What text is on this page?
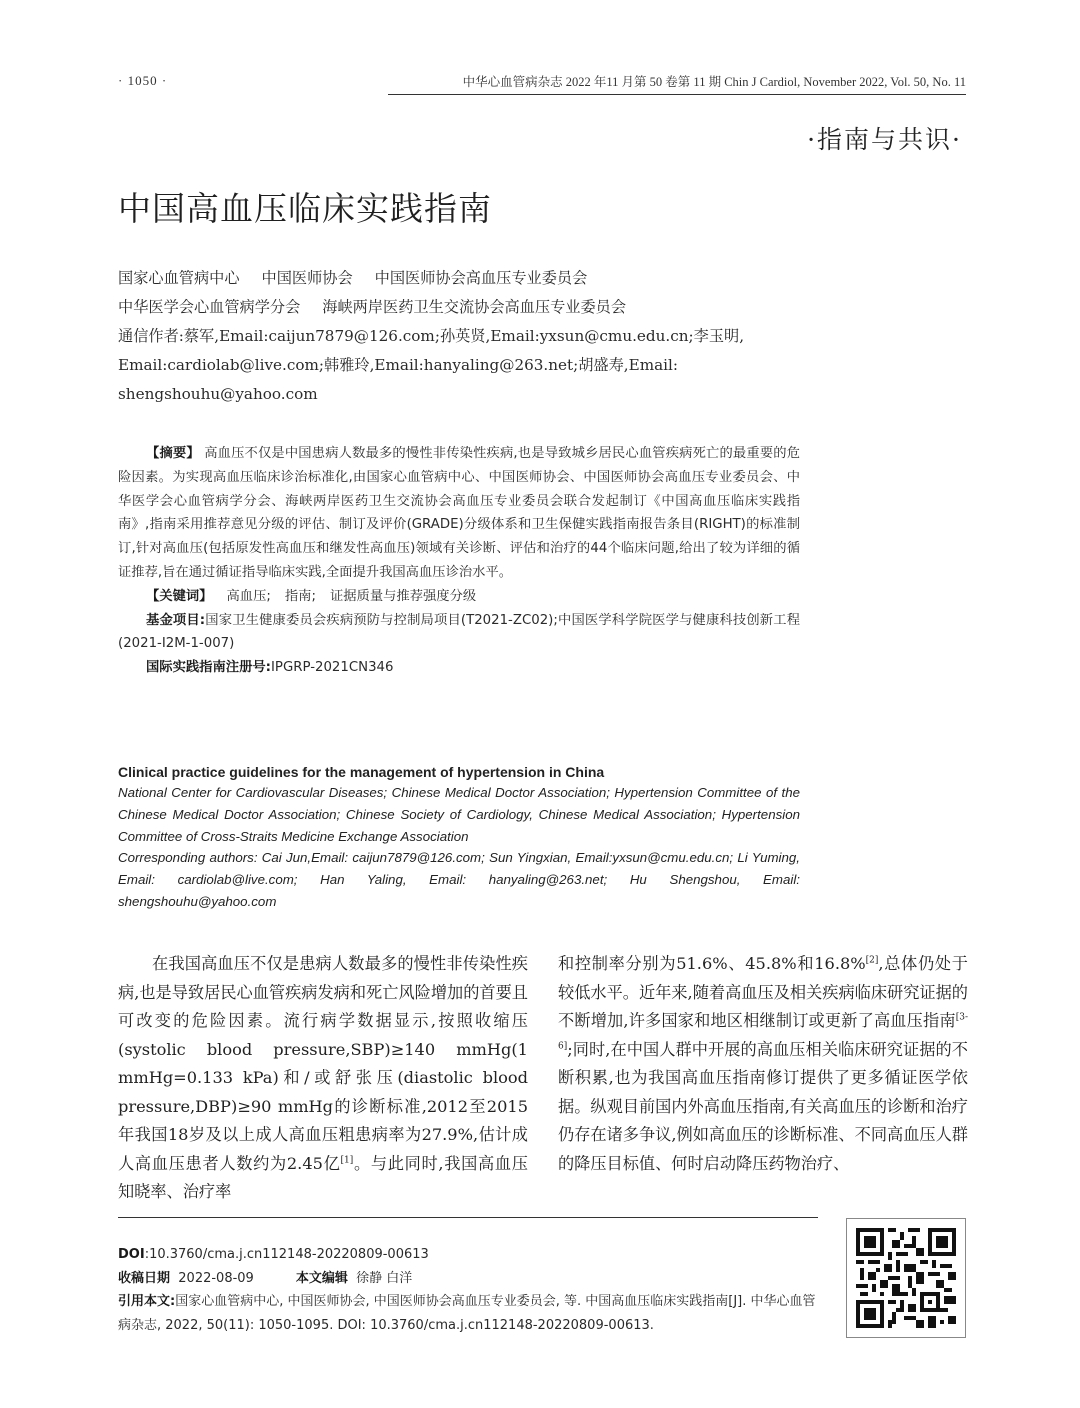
· 1050 ·	中华心血管病杂志 2022 年11 月第 50 卷第 11 期 Chin J Cardiol, November 2022, Vol. 50, No. 11
·指南与共识·
中国高血压临床实践指南
国家心血管病中心 中国医师协会 中国医师协会高血压专业委员会
中华医学会心血管病学分会 海峡两岸医药卫生交流协会高血压专业委员会
通信作者:蔡军,Email:caijun7879@126.com;孙英贤,Email:yxsun@cmu.edu.cn;李玉明,
Email:cardiolab@live.com;韩雅玲,Email:hanyaling@263.net;胡盛寿,Email:
shengshouhu@yahoo.com

【摘要】 高血压不仅是中国患病人数最多的慢性非传染性疾病,也是导致城乡居民心血管疾病死亡的最重要的危险因素。为实现高血压临床诊治标准化,由国家心血管病中心、中国医师协会、中国医师协会高血压专业委员会、中华医学会心血管病学分会、海峡两岸医药卫生交流协会高血压专业委员会联合发起制订《中国高血压临床实践指南》,指南采用推荐意见分级的评估、制订及评价(GRADE)分级体系和卫生保健实践指南报告条目(RIGHT)的标准制订,针对高血压(包括原发性高血压和继发性高血压)领域有关诊断、评估和治疗的44个临床问题,给出了较为详细的循证推荐,旨在通过循证指导临床实践,全面提升我国高血压诊治水平。

【关键词】 高血压; 指南; 证据质量与推荐强度分级

基金项目:国家卫生健康委员会疾病预防与控制局项目(T2021-ZC02);中国医学科学院医学与健康科技创新工程(2021-I2M-1-007)

国际实践指南注册号:IPGRP-2021CN346

Clinical practice guidelines for the management of hypertension in China
National Center for Cardiovascular Diseases; Chinese Medical Doctor Association; Hypertension Committee of the Chinese Medical Doctor Association; Chinese Society of Cardiology, Chinese Medical Association; Hypertension Committee of Cross-Straits Medicine Exchange Association
Corresponding authors: Cai Jun,Email: caijun7879@126.com; Sun Yingxian, Email:yxsun@cmu.edu.cn; Li Yuming, Email: cardiolab@live.com; Han Yaling, Email: hanyaling@263.net; Hu Shengshou, Email: shengshouhu@yahoo.com
在我国高血压不仅是患病人数最多的慢性非传染性疾病,也是导致居民心血管疾病发病和死亡风险增加的首要且可改变的危险因素。流行病学数据显示,按照收缩压(systolic blood pressure,SBP)≥140 mmHg(1 mmHg=0.133 kPa)和/或舒张压(diastolic blood pressure,DBP)≥90 mmHg的诊断标准,2012至2015年我国18岁及以上成人高血压粗患病率为27.9%,估计成人高血压患者人数约为2.45亿[1]。与此同时,我国高血压知晓率、治疗率
和控制率分别为51.6%、45.8%和16.8%[2],总体仍处于较低水平。近年来,随着高血压及相关疾病临床研究证据的不断增加,许多国家和地区相继制订或更新了高血压指南[3-6];同时,在中国人群中开展的高血压相关临床研究证据的不断积累,也为我国高血压指南修订提供了更多循证医学依据。纵观目前国内外高血压指南,有关高血压的诊断和治疗仍存在诸多争议,例如高血压的诊断标准、不同高血压人群的降压目标值、何时启动降压药物治疗、
DOI:10.3760/cma.j.cn112148-20220809-00613
收稿日期 2022-08-09	本文编辑 徐静 白洋
引用本文:国家心血管病中心, 中国医师协会, 中国医师协会高血压专业委员会, 等. 中国高血压临床实践指南[J]. 中华心血管病杂志, 2022, 50(11): 1050-1095. DOI: 10.3760/cma.j.cn112148-20220809-00613.
